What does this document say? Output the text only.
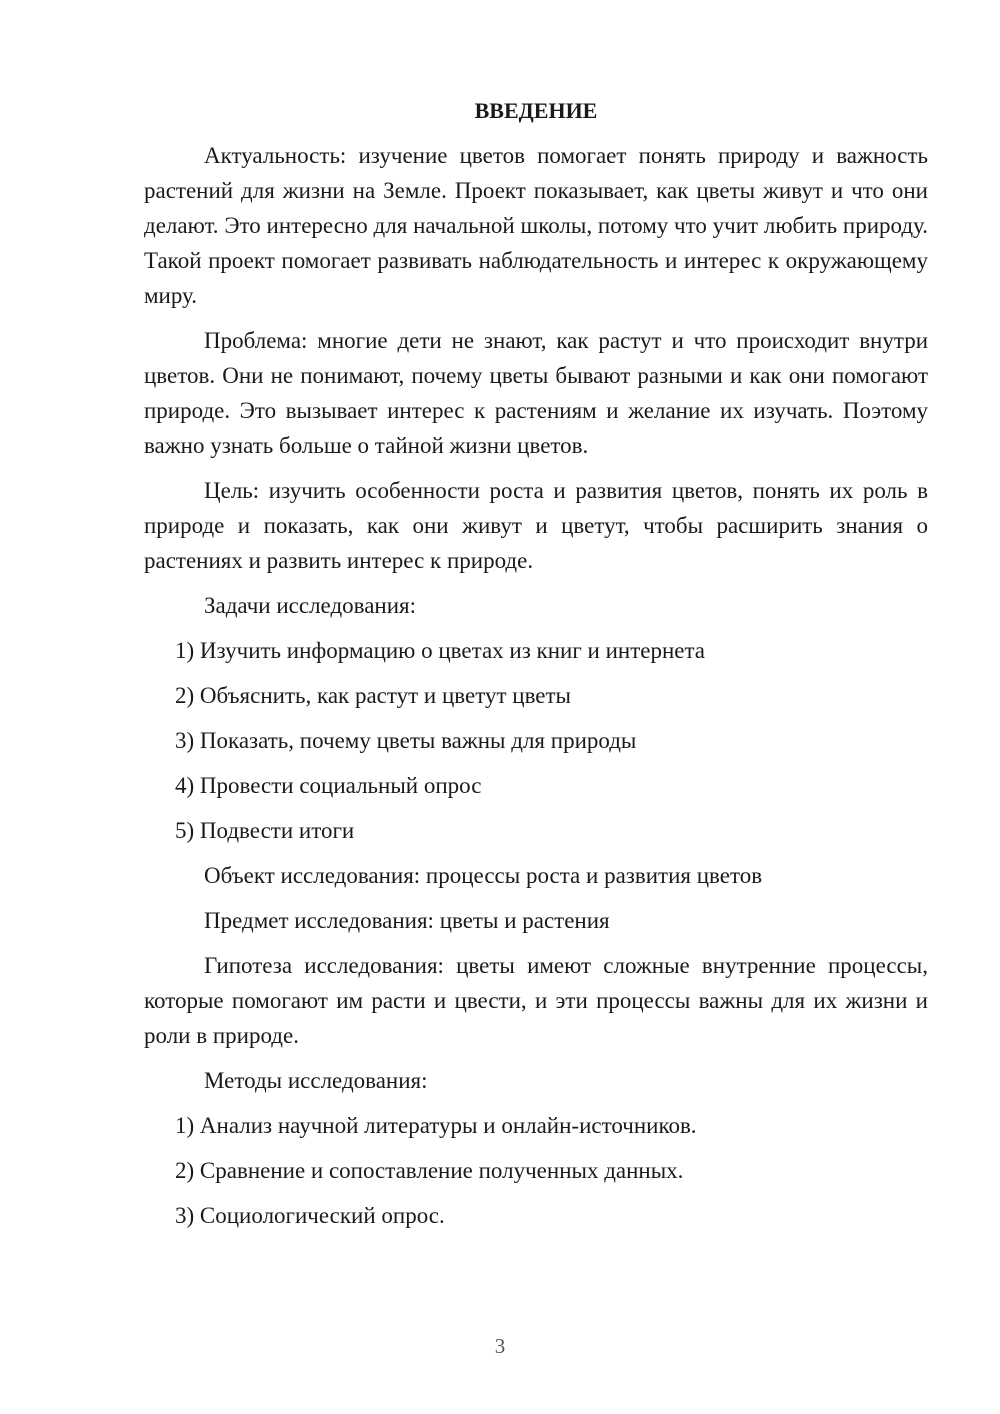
ВВЕДЕНИЕ

Актуальность: изучение цветов помогает понять природу и важность растений для жизни на Земле. Проект показывает, как цветы живут и что они делают. Это интересно для начальной школы, потому что учит любить природу. Такой проект помогает развивать наблюдательность и интерес к окружающему миру.

Проблема: многие дети не знают, как растут и что происходит внутри цветов. Они не понимают, почему цветы бывают разными и как они помогают природе. Это вызывает интерес к растениям и желание их изучать. Поэтому важно узнать больше о тайной жизни цветов.

Цель: изучить особенности роста и развития цветов, понять их роль в природе и показать, как они живут и цветут, чтобы расширить знания о растениях и развить интерес к природе.

Задачи исследования:
1) Изучить информацию о цветах из книг и интернета
2) Объяснить, как растут и цветут цветы
3) Показать, почему цветы важны для природы
4) Провести социальный опрос
5) Подвести итоги
Объект исследования: процессы роста и развития цветов
Предмет исследования: цветы и растения

Гипотеза исследования: цветы имеют сложные внутренние процессы, которые помогают им расти и цвести, и эти процессы важны для их жизни и роли в природе.

Методы исследования:
1) Анализ научной литературы и онлайн-источников.
2) Сравнение и сопоставление полученных данных.
3) Социологический опрос.
3
